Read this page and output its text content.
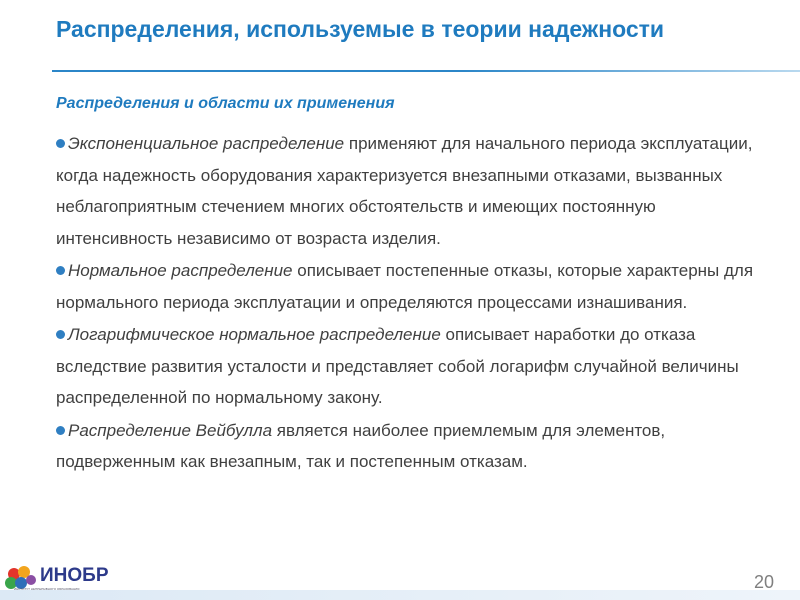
Распределения, используемые в теории надежности
Распределения и области их применения

Экспоненциальное распределение применяют для начального периода эксплуатации, когда надежность оборудования характеризуется внезапными отказами, вызванных неблагоприятным стечением многих обстоятельств и имеющих постоянную интенсивность независимо от возраста изделия.

Нормальное распределение описывает постепенные отказы, которые характерны для нормального периода эксплуатации и определяются процессами изнашивания.

Логарифмическое нормальное распределение описывает наработки до отказа вследствие развития усталости и представляет собой логарифм случайной величины распределенной по нормальному закону.

Распределение Вейбулла является наиболее приемлемым для элементов, подверженным как внезапным, так и постепенным отказам.

ИНОБР
ИНСТИТУТ НЕПРЕРЫВНОГО ОБРАЗОВАНИЯ	20
